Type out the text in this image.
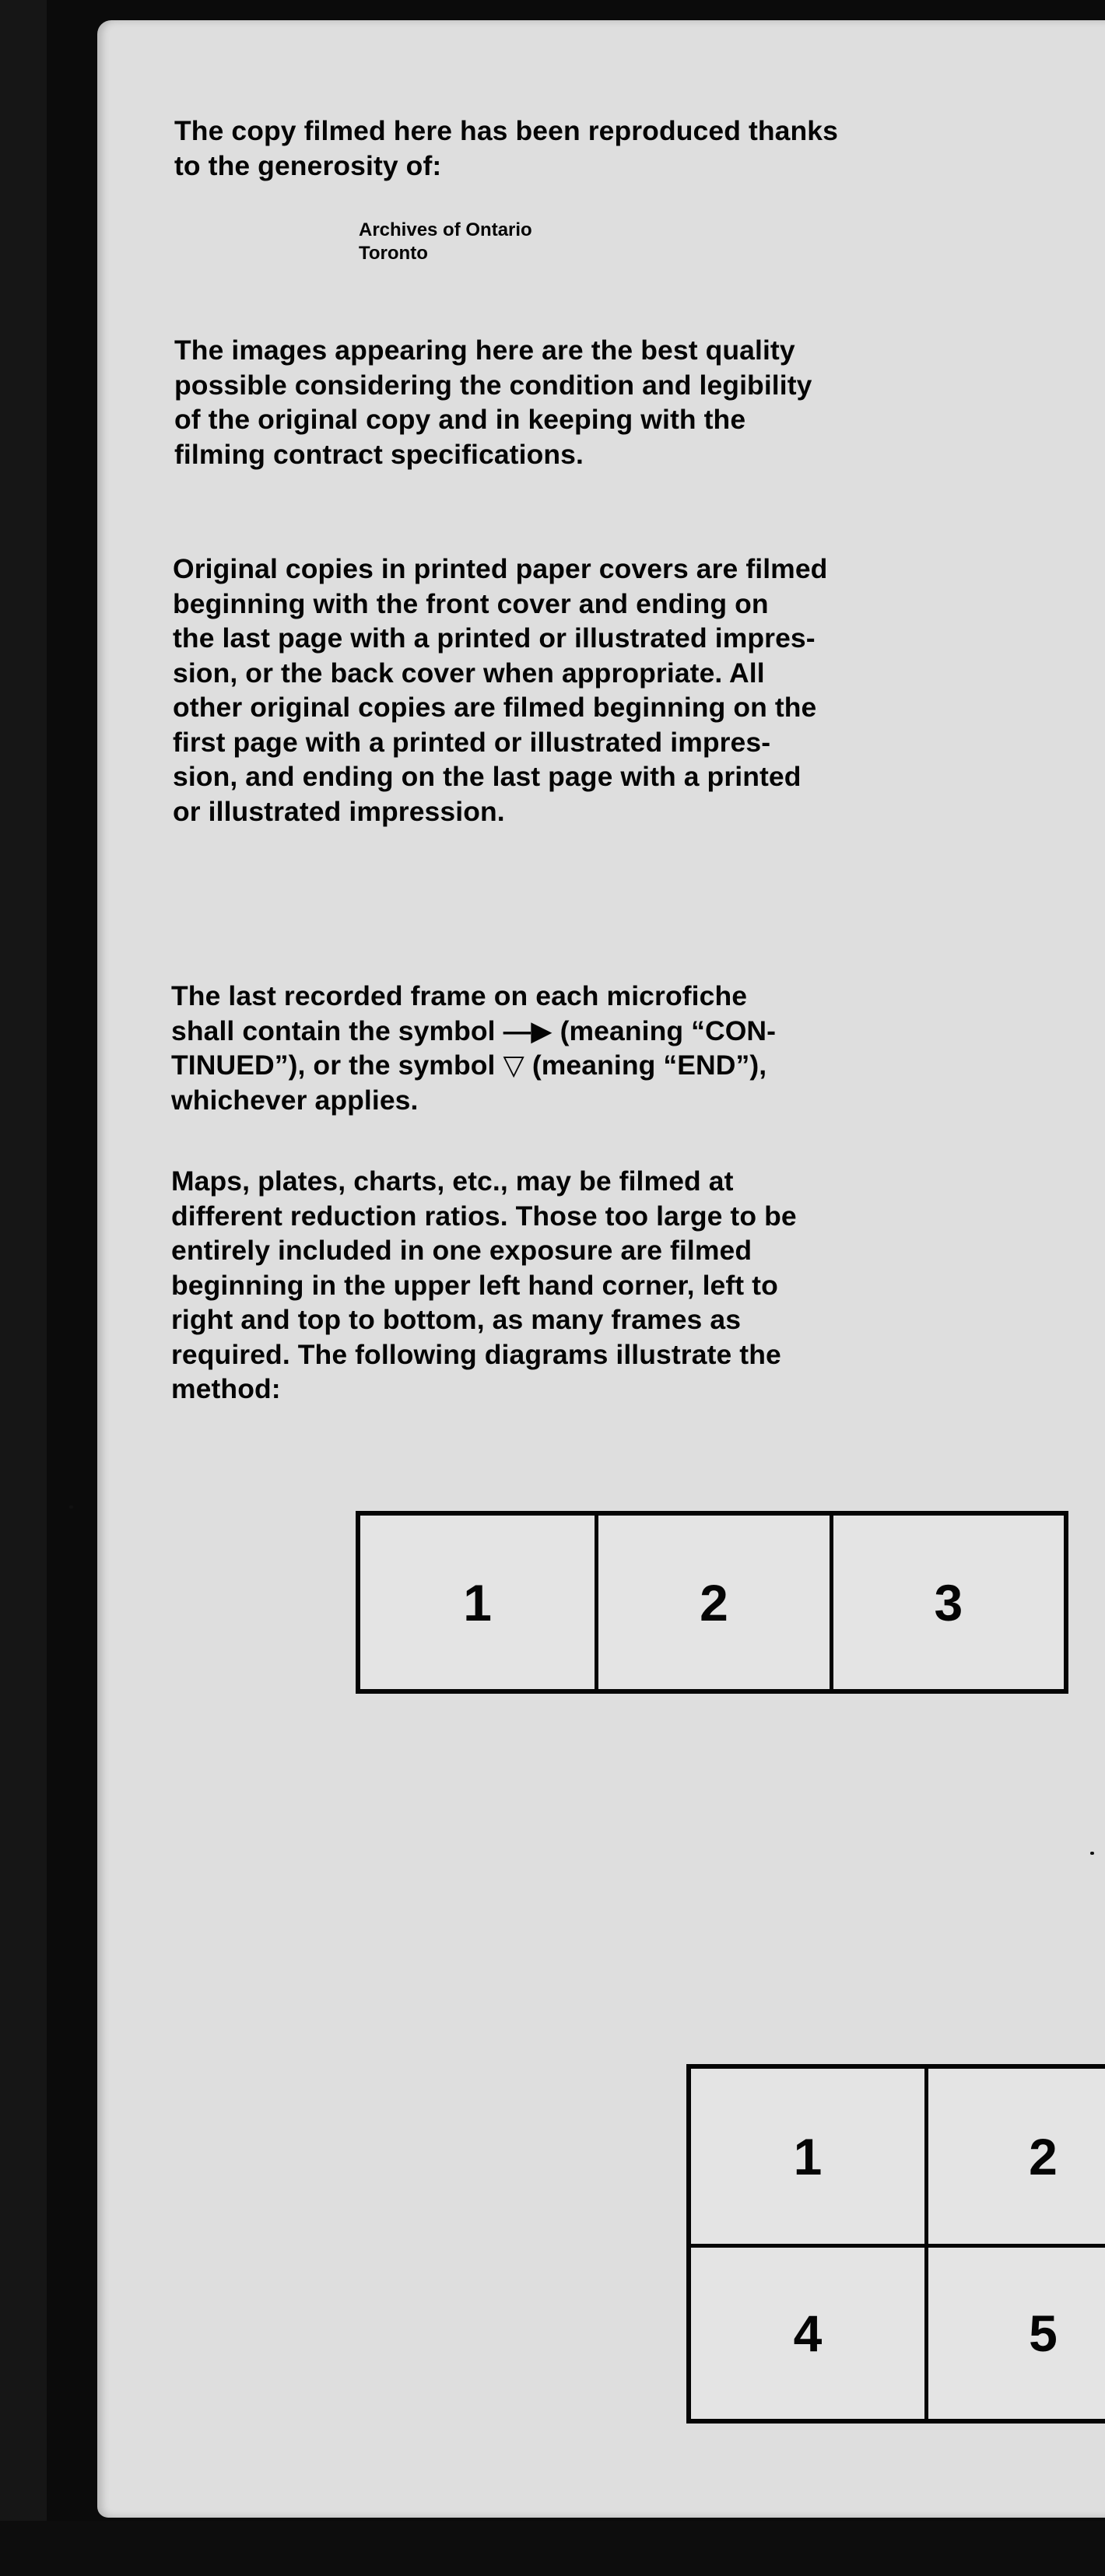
The copy filmed here has been reproduced thanks
to the generosity of:

Archives of Ontario

Toronto

The images appearing here are the best quality
possible considering the condition and legibility
of the original copy and in keeping with the
filming contract specifications.

Original copies in printed paper covers are filmed
beginning with the front cover and ending on
the last page with a printed or illustrated impres-
sion, or the back cover when appropriate. All
other original copies are filmed beginning on the
first page with a printed or illustrated impres-
sion, and ending on the last page with a printed
or illustrated impression.

The last recorded frame on each microfiche
shall contain the symbol —▶ (meaning “CON-
TINUED”), or the symbol ▽ (meaning “END”),
whichever applies.

Maps, plates, charts, etc., may be filmed at
different reduction ratios. Those too large to be
entirely included in one exposure are filmed
beginning in the upper left hand corner, left to
right and top to bottom, as many frames as
required. The following diagrams illustrate the
method:

1	2	3
1	2
4	5
